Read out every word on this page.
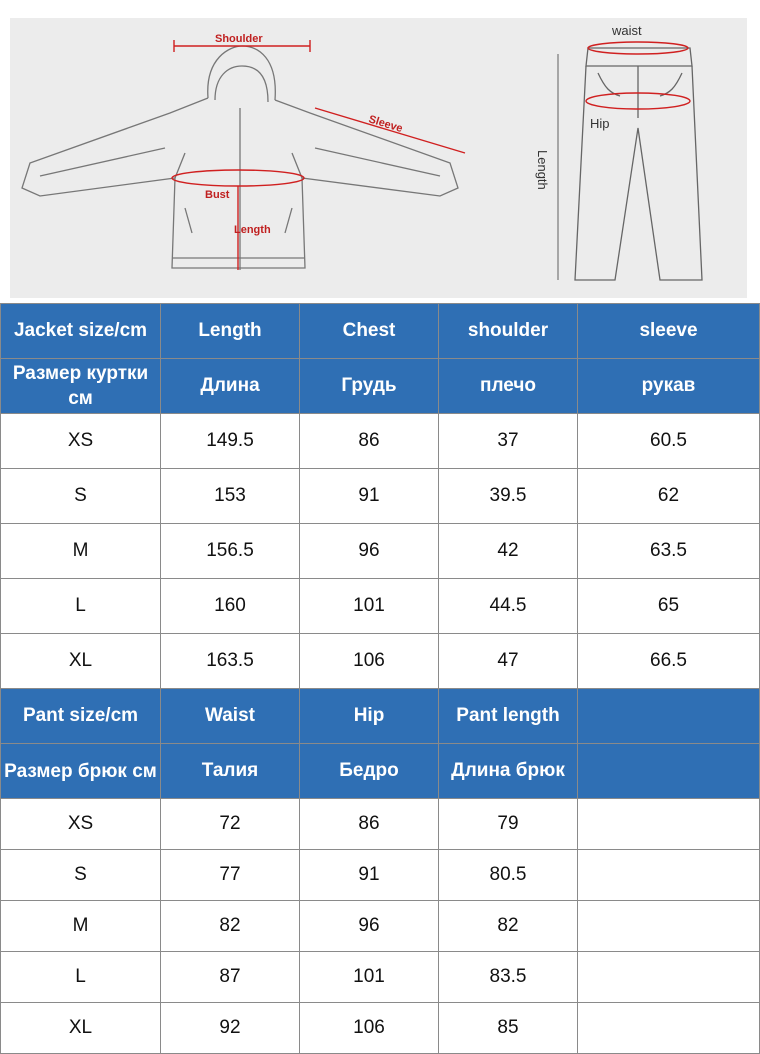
Shoulder
Sleeve
Bust
Length
waist
Hip
Length
Jacket size/cm	Length	Chest	shoulder	sleeve
Размер куртки см	Длина	Грудь	плечо	рукав
XS	149.5	86	37	60.5
S	153	91	39.5	62
M	156.5	96	42	63.5
L	160	101	44.5	65
XL	163.5	106	47	66.5
Pant size/cm	Waist	Hip	Pant length	
Размер брюк см	Талия	Бедро	Длина брюк	
XS	72	86	79	
S	77	91	80.5	
M	82	96	82	
L	87	101	83.5	
XL	92	106	85	
